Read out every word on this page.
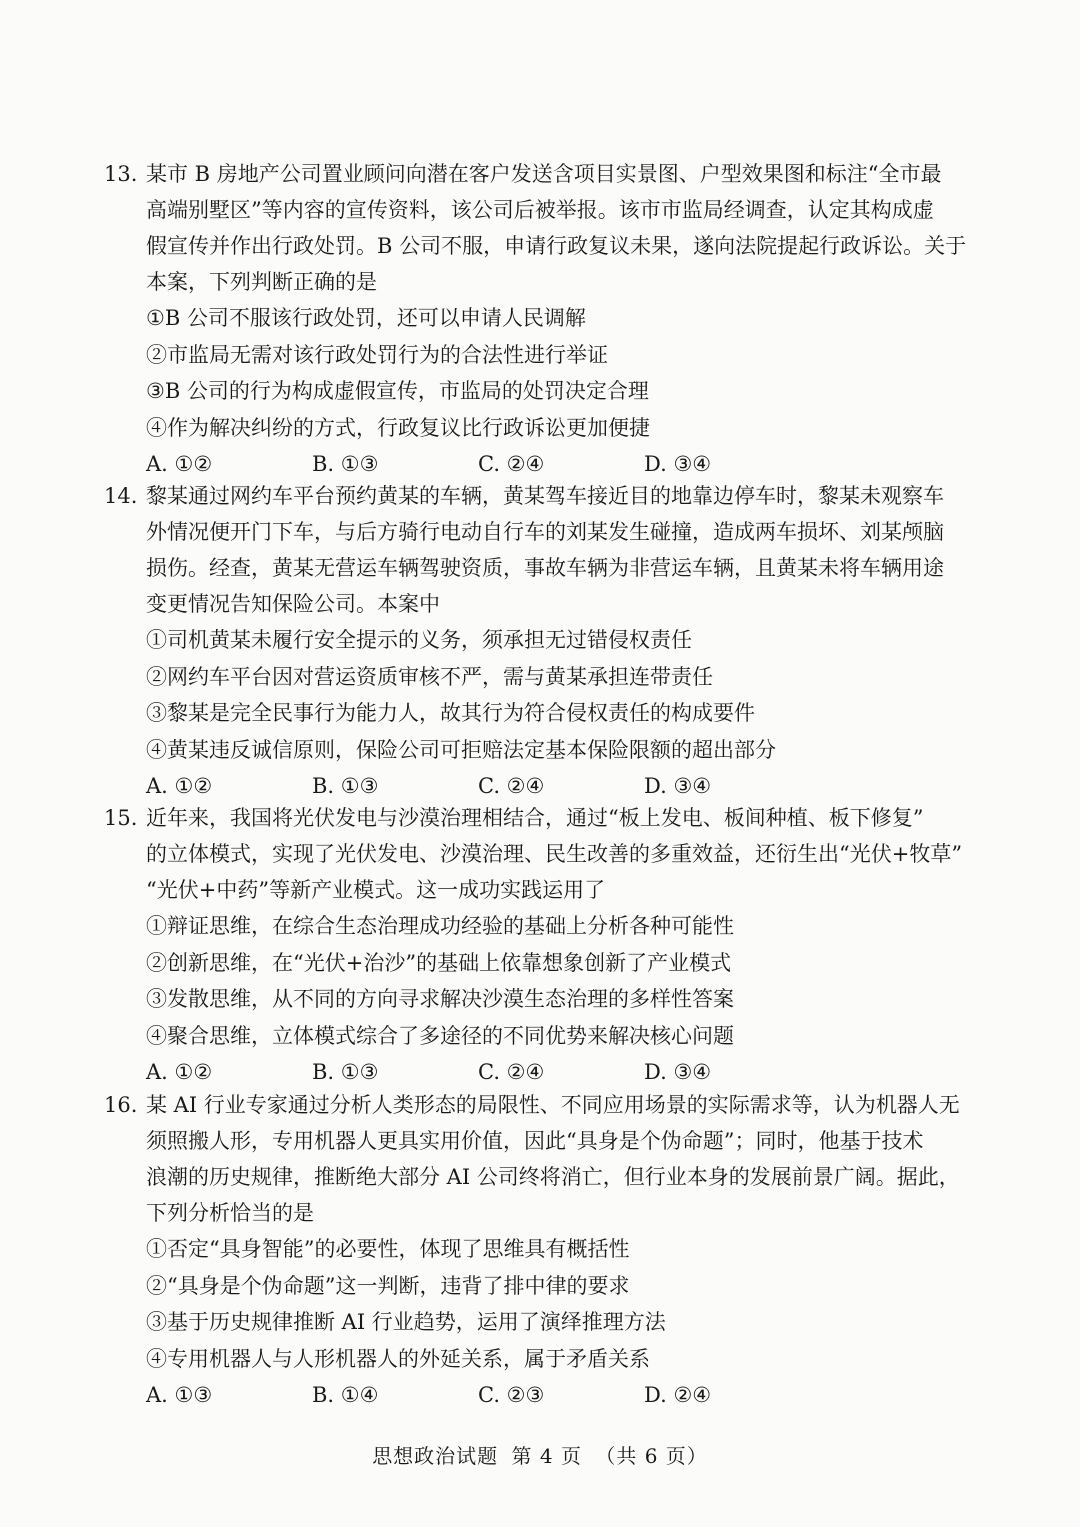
13. 某市 B 房地产公司置业顾问向潜在客户发送含项目实景图、户型效果图和标注“全市最
高端别墅区”等内容的宣传资料，该公司后被举报。该市市监局经调查，认定其构成虚
假宣传并作出行政处罚。B 公司不服，申请行政复议未果，遂向法院提起行政诉讼。关于
本案，下列判断正确的是
①B 公司不服该行政处罚，还可以申请人民调解
②市监局无需对该行政处罚行为的合法性进行举证
③B 公司的行为构成虚假宣传，市监局的处罚决定合理
④作为解决纠纷的方式，行政复议比行政诉讼更加便捷
A. ①②	B. ①③	C. ②④	D. ③④
14. 黎某通过网约车平台预约黄某的车辆，黄某驾车接近目的地靠边停车时，黎某未观察车
外情况便开门下车，与后方骑行电动自行车的刘某发生碰撞，造成两车损坏、刘某颅脑
损伤。经查，黄某无营运车辆驾驶资质，事故车辆为非营运车辆，且黄某未将车辆用途
变更情况告知保险公司。本案中
①司机黄某未履行安全提示的义务，须承担无过错侵权责任
②网约车平台因对营运资质审核不严，需与黄某承担连带责任
③黎某是完全民事行为能力人，故其行为符合侵权责任的构成要件
④黄某违反诚信原则，保险公司可拒赔法定基本保险限额的超出部分
A. ①②	B. ①③	C. ②④	D. ③④
15. 近年来，我国将光伏发电与沙漠治理相结合，通过“板上发电、板间种植、板下修复”
的立体模式，实现了光伏发电、沙漠治理、民生改善的多重效益，还衍生出“光伏+牧草”
“光伏+中药”等新产业模式。这一成功实践运用了
①辩证思维，在综合生态治理成功经验的基础上分析各种可能性
②创新思维，在“光伏+治沙”的基础上依靠想象创新了产业模式
③发散思维，从不同的方向寻求解决沙漠生态治理的多样性答案
④聚合思维，立体模式综合了多途径的不同优势来解决核心问题
A. ①②	B. ①③	C. ②④	D. ③④
16. 某 AI 行业专家通过分析人类形态的局限性、不同应用场景的实际需求等，认为机器人无
须照搬人形，专用机器人更具实用价值，因此“具身是个伪命题”；同时，他基于技术
浪潮的历史规律，推断绝大部分 AI 公司终将消亡，但行业本身的发展前景广阔。据此，
下列分析恰当的是
①否定“具身智能”的必要性，体现了思维具有概括性
②“具身是个伪命题”这一判断，违背了排中律的要求
③基于历史规律推断 AI 行业趋势，运用了演绎推理方法
④专用机器人与人形机器人的外延关系，属于矛盾关系
A. ①③	B. ①④	C. ②③	D. ②④
思想政治试题 第 4 页 （共 6 页）
